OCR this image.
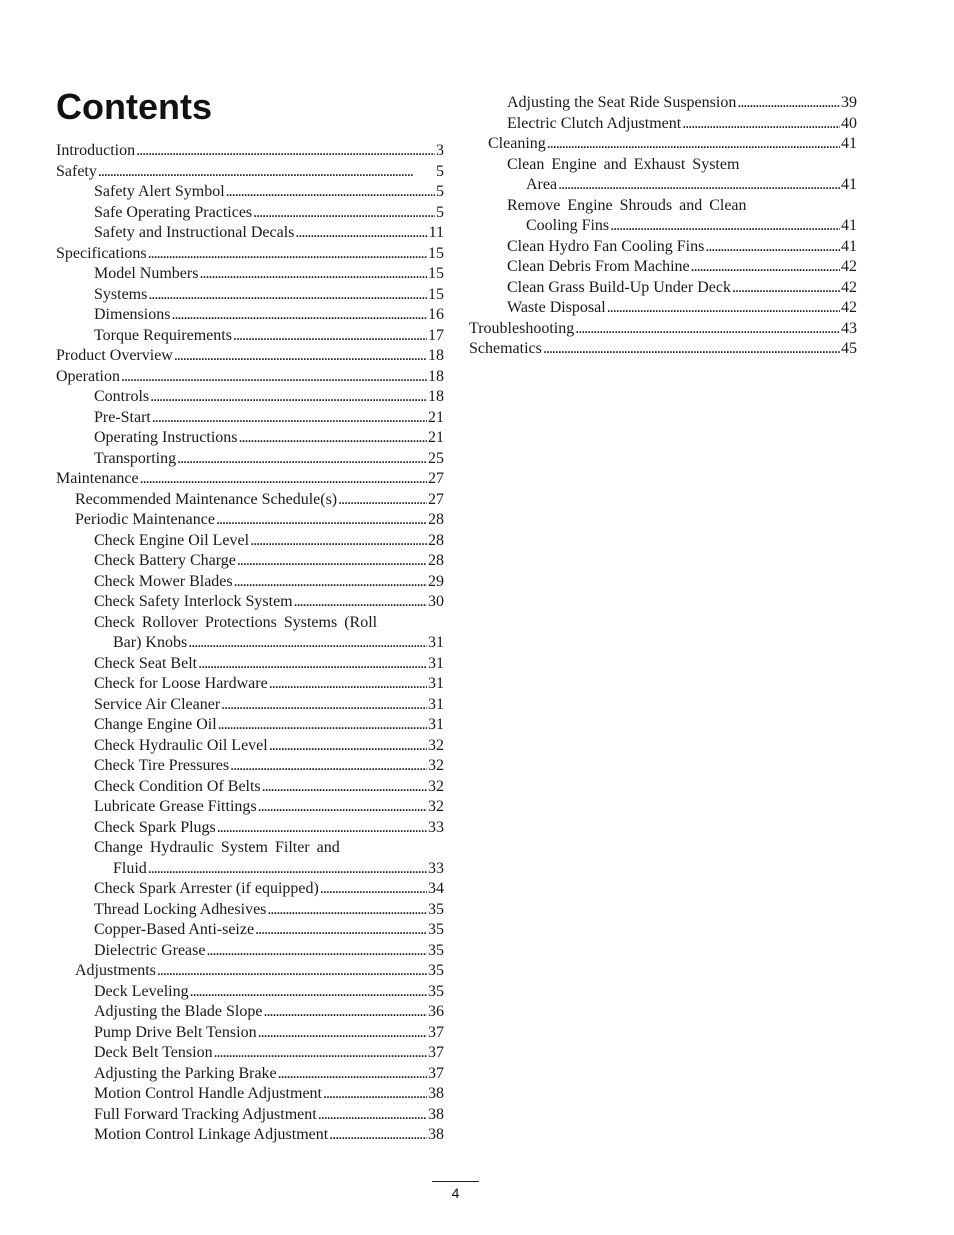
Contents
Introduction . . .	3
Safety . . .	5
Safety Alert Symbol . . .	5
Safe Operating Practices . . .	5
Safety and Instructional Decals . . .	11
Specifications . . .	15
Model Numbers . . .	15
Systems . . .	15
Dimensions . . .	16
Torque Requirements . . .	17
Product Overview . . .	18
Operation . . .	18
Controls . . .	18
Pre-Start . . .	21
Operating Instructions . . .	21
Transporting . . .	25
Maintenance . . .	27
Recommended Maintenance Schedule(s) . . .	27
Periodic Maintenance . . .	28
Check Engine Oil Level . . .	28
Check Battery Charge . . .	28
Check Mower Blades . . .	29
Check Safety Interlock System . . .	30
Check Rollover Protections Systems (Roll
Bar) Knobs . . .	31
Check Seat Belt . . .	31
Check for Loose Hardware . . .	31
Service Air Cleaner . . .	31
Change Engine Oil . . .	31
Check Hydraulic Oil Level . . .	32
Check Tire Pressures . . .	32
Check Condition Of Belts . . .	32
Lubricate Grease Fittings . . .	32
Check Spark Plugs . . .	33
Change Hydraulic System Filter and
Fluid . . .	33
Check Spark Arrester (if equipped) . . .	34
Thread Locking Adhesives . . .	35
Copper-Based Anti-seize . . .	35
Dielectric Grease . . .	35
Adjustments . . .	35
Deck Leveling . . .	35
Adjusting the Blade Slope . . .	36
Pump Drive Belt Tension . . .	37
Deck Belt Tension . . .	37
Adjusting the Parking Brake . . .	37
Motion Control Handle Adjustment . . .	38
Full Forward Tracking Adjustment . . .	38
Motion Control Linkage Adjustment . . .	38
Adjusting the Seat Ride Suspension . . .	39
Electric Clutch Adjustment . . .	40
Cleaning . . .	41
Clean Engine and Exhaust System
Area . . .	41
Remove Engine Shrouds and Clean
Cooling Fins . . .	41
Clean Hydro Fan Cooling Fins . . .	41
Clean Debris From Machine . . .	42
Clean Grass Build-Up Under Deck . . .	42
Waste Disposal . . .	42
Troubleshooting . . .	43
Schematics . . .	45
4
